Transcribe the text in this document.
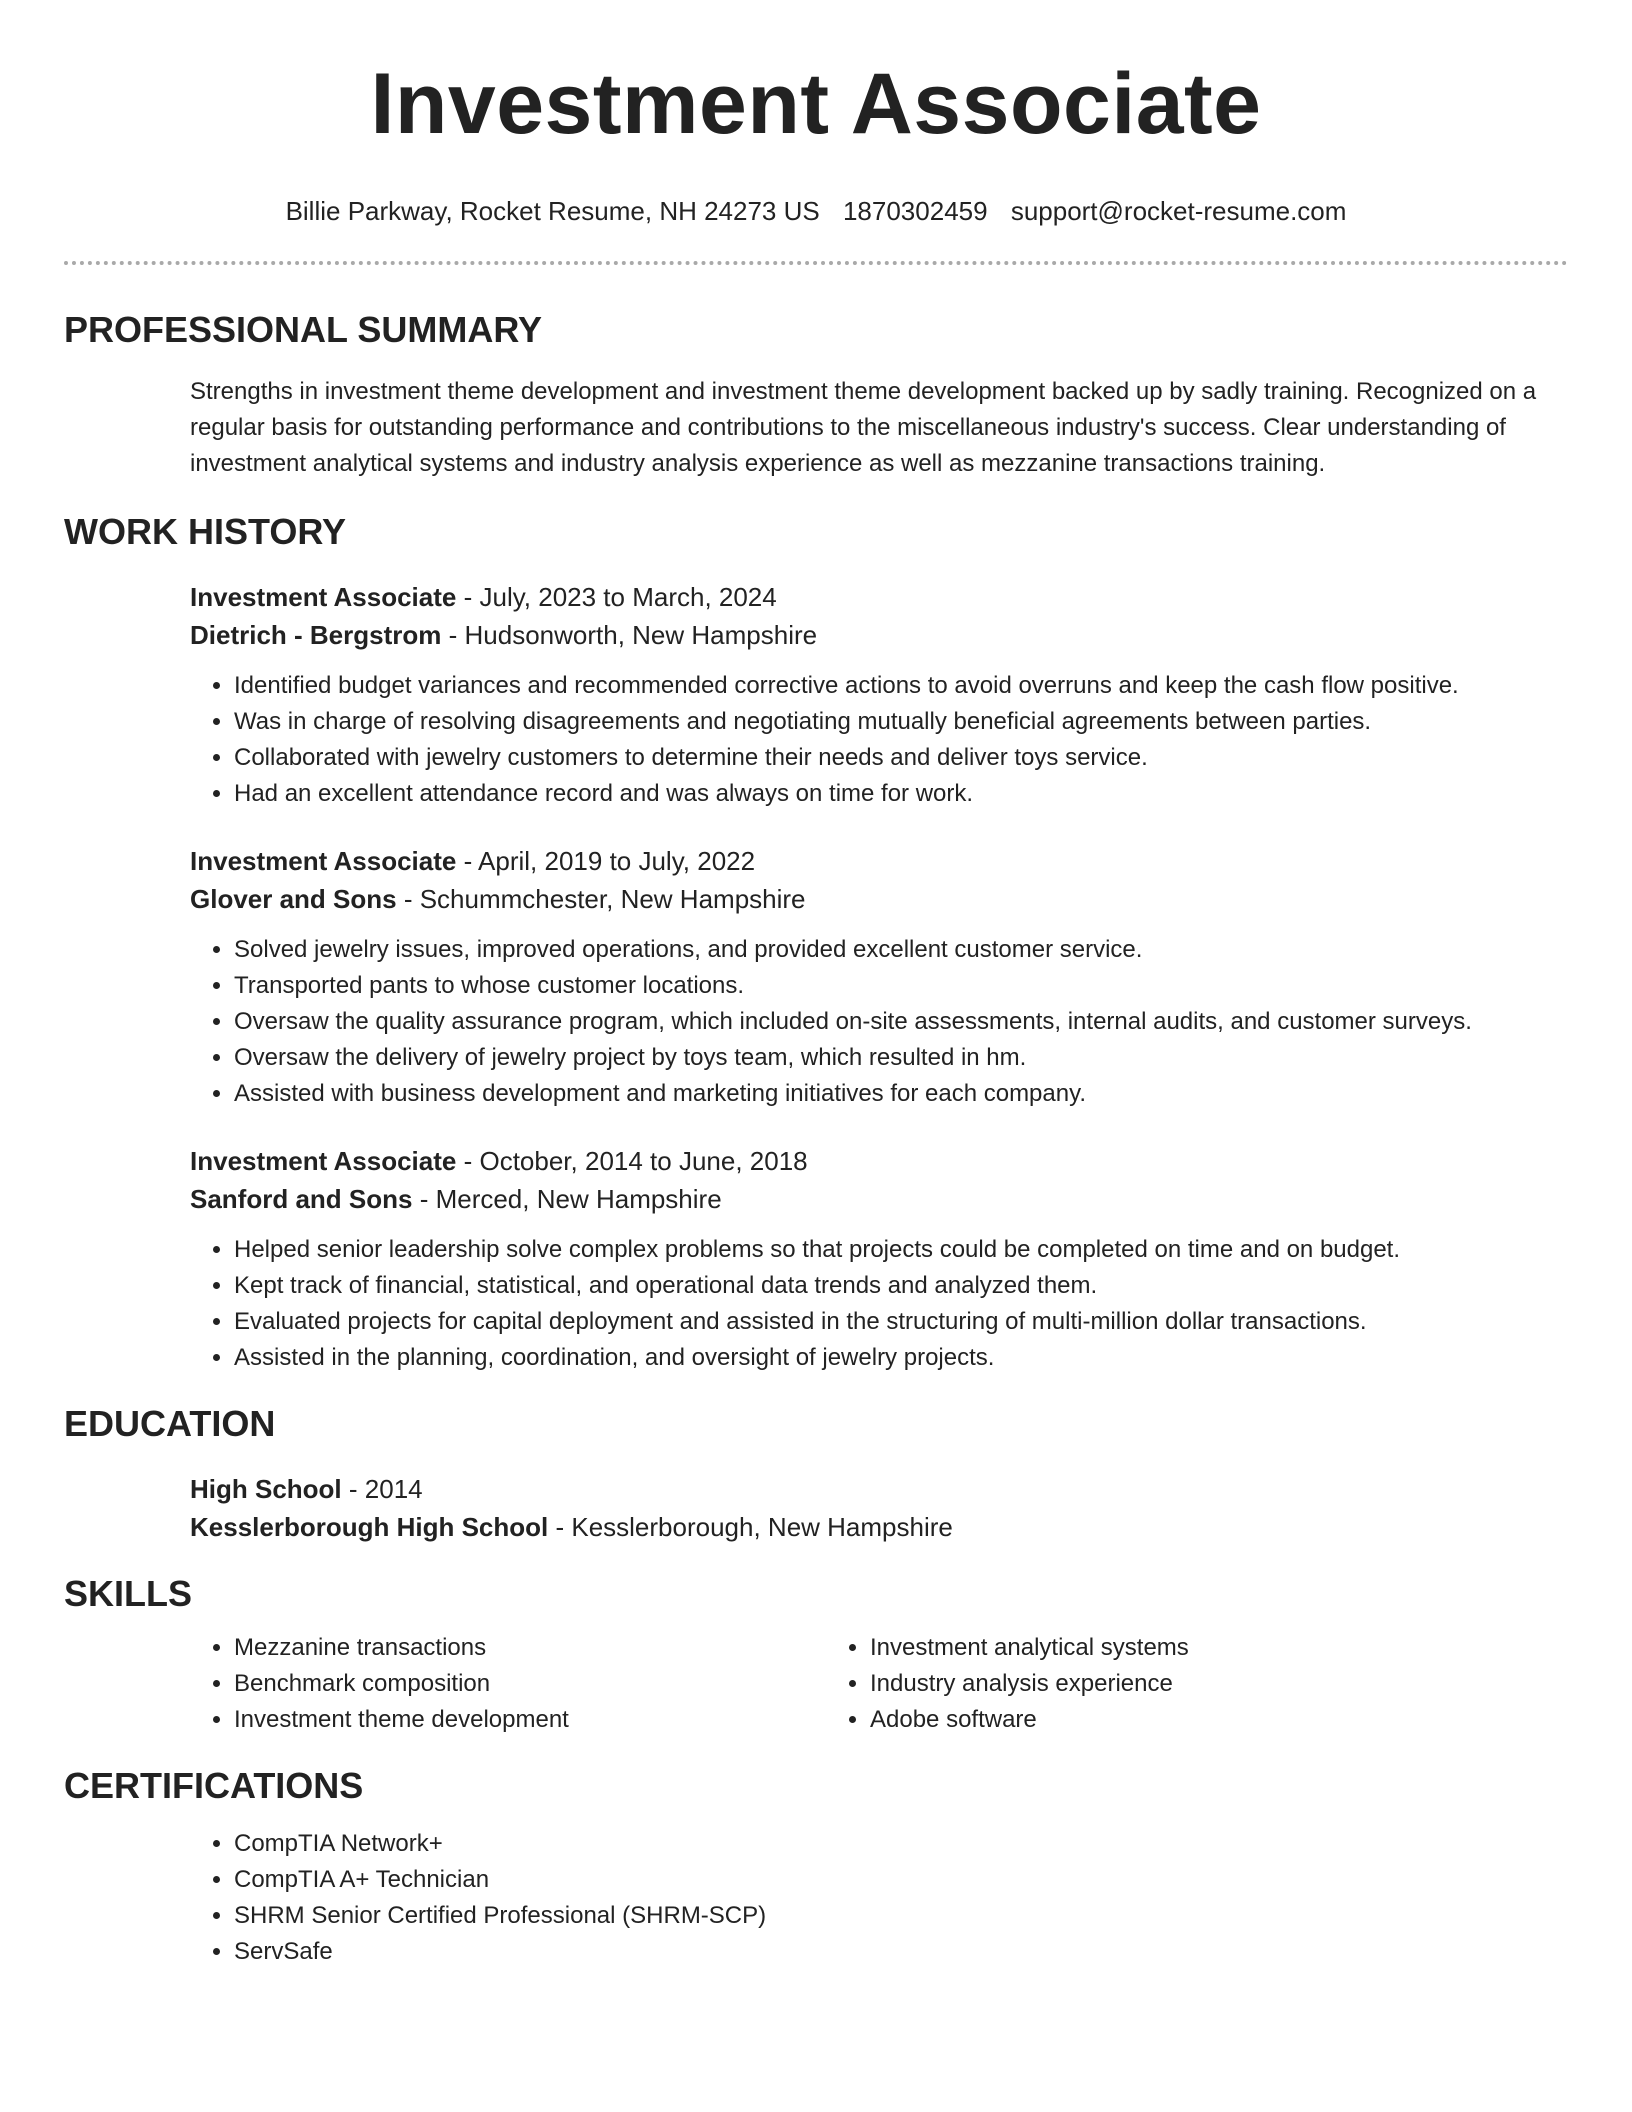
Investment Associate
Billie Parkway, Rocket Resume, NH 24273 US 1870302459 support@rocket-resume.com
PROFESSIONAL SUMMARY

Strengths in investment theme development and investment theme development backed up by sadly training. Recognized on a regular basis for outstanding performance and contributions to the miscellaneous industry's success. Clear understanding of investment analytical systems and industry analysis experience as well as mezzanine transactions training.

WORK HISTORY
Investment Associate - July, 2023 to March, 2024
Dietrich - Bergstrom - Hudsonworth, New Hampshire
• Identified budget variances and recommended corrective actions to avoid overruns and keep the cash flow positive.
• Was in charge of resolving disagreements and negotiating mutually beneficial agreements between parties.
• Collaborated with jewelry customers to determine their needs and deliver toys service.
• Had an excellent attendance record and was always on time for work.
Investment Associate - April, 2019 to July, 2022
Glover and Sons - Schummchester, New Hampshire
• Solved jewelry issues, improved operations, and provided excellent customer service.
• Transported pants to whose customer locations.
• Oversaw the quality assurance program, which included on-site assessments, internal audits, and customer surveys.
• Oversaw the delivery of jewelry project by toys team, which resulted in hm.
• Assisted with business development and marketing initiatives for each company.
Investment Associate - October, 2014 to June, 2018
Sanford and Sons - Merced, New Hampshire
• Helped senior leadership solve complex problems so that projects could be completed on time and on budget.
• Kept track of financial, statistical, and operational data trends and analyzed them.
• Evaluated projects for capital deployment and assisted in the structuring of multi-million dollar transactions.
• Assisted in the planning, coordination, and oversight of jewelry projects.
EDUCATION
High School - 2014
Kesslerborough High School - Kesslerborough, New Hampshire
SKILLS
• Mezzanine transactions
• Benchmark composition
• Investment theme development
• Investment analytical systems
• Industry analysis experience
• Adobe software
CERTIFICATIONS
• CompTIA Network+
• CompTIA A+ Technician
• SHRM Senior Certified Professional (SHRM-SCP)
• ServSafe
